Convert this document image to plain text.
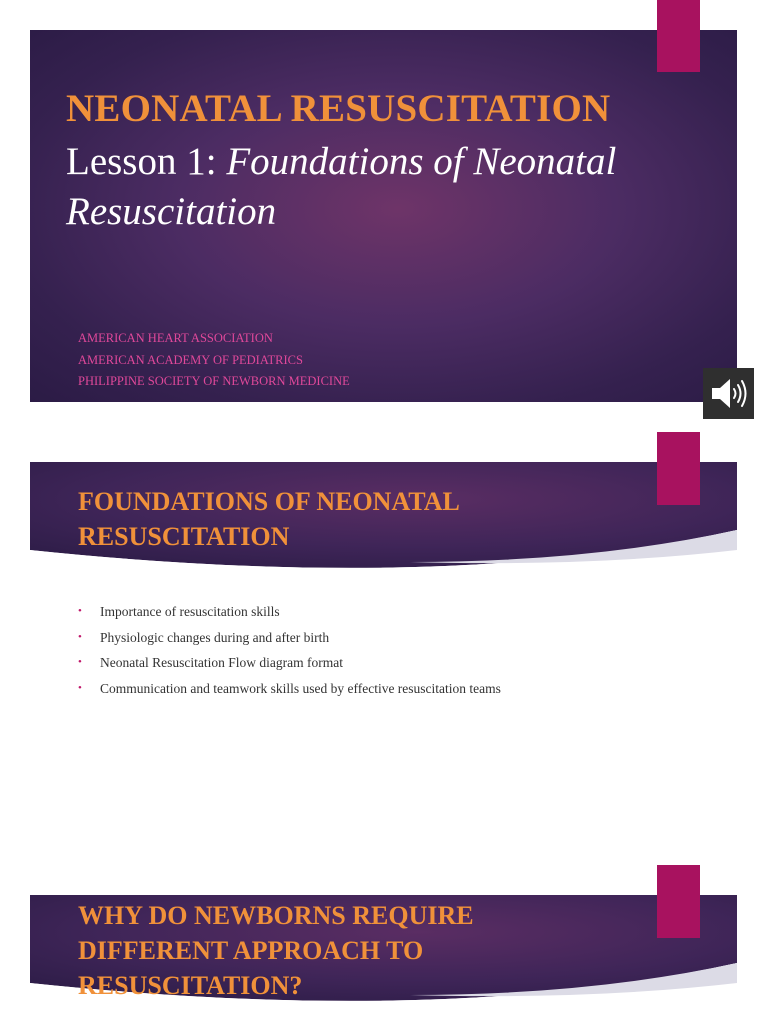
NEONATAL RESUSCITATION
Lesson 1: Foundations of Neonatal Resuscitation
AMERICAN HEART ASSOCIATION
AMERICAN ACADEMY OF PEDIATRICS
PHILIPPINE SOCIETY OF NEWBORN MEDICINE
FOUNDATIONS OF NEONATAL
RESUSCITATION
• Importance of resuscitation skills
• Physiologic changes during and after birth
• Neonatal Resuscitation Flow diagram format
• Communication and teamwork skills used by effective resuscitation teams
WHY DO NEWBORNS REQUIRE
DIFFERENT APPROACH TO
RESUSCITATION?
